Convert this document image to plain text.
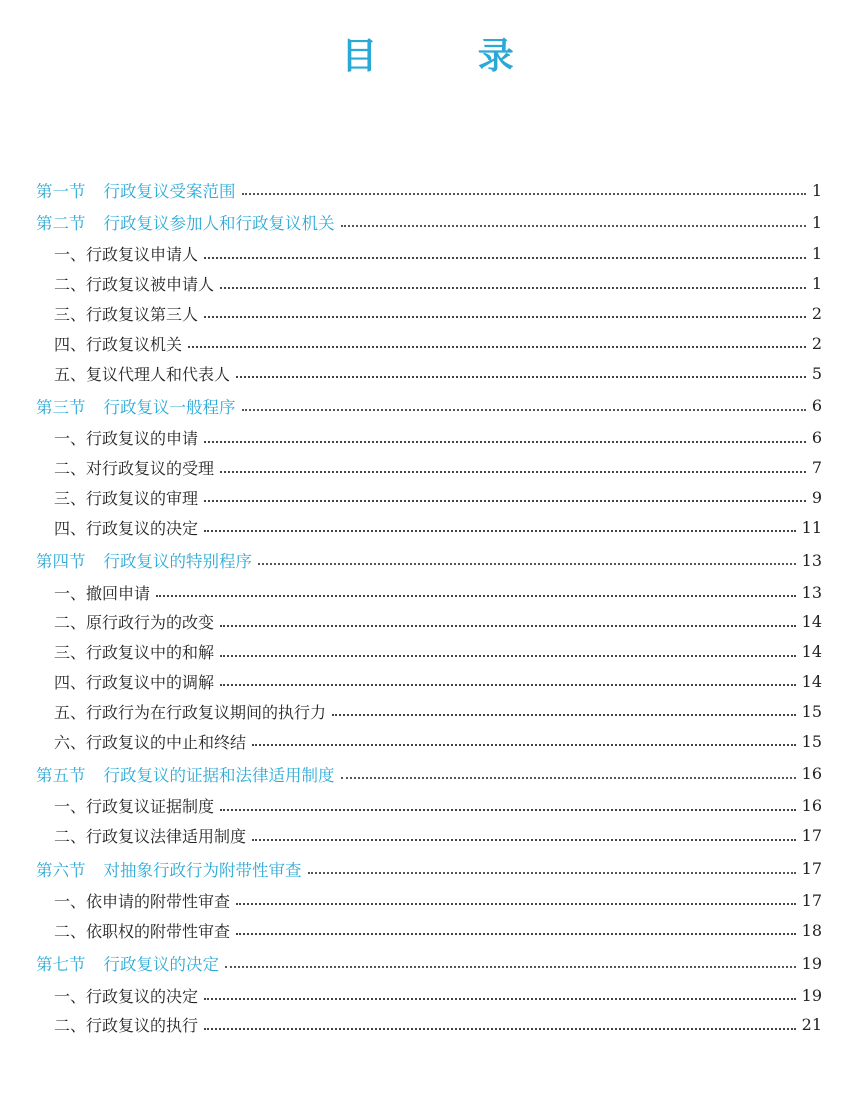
目 录
第一节 行政复议受案范围	1
第二节 行政复议参加人和行政复议机关	1
一、行政复议申请人	1
二、行政复议被申请人	1
三、行政复议第三人	2
四、行政复议机关	2
五、复议代理人和代表人	5
第三节 行政复议一般程序	6
一、行政复议的申请	6
二、对行政复议的受理	7
三、行政复议的审理	9
四、行政复议的决定	11
第四节 行政复议的特别程序	13
一、撤回申请	13
二、原行政行为的改变	14
三、行政复议中的和解	14
四、行政复议中的调解	14
五、行政行为在行政复议期间的执行力	15
六、行政复议的中止和终结	15
第五节 行政复议的证据和法律适用制度	16
一、行政复议证据制度	16
二、行政复议法律适用制度	17
第六节 对抽象行政行为附带性审查	17
一、依申请的附带性审查	17
二、依职权的附带性审查	18
第七节 行政复议的决定	19
一、行政复议的决定	19
二、行政复议的执行	21
